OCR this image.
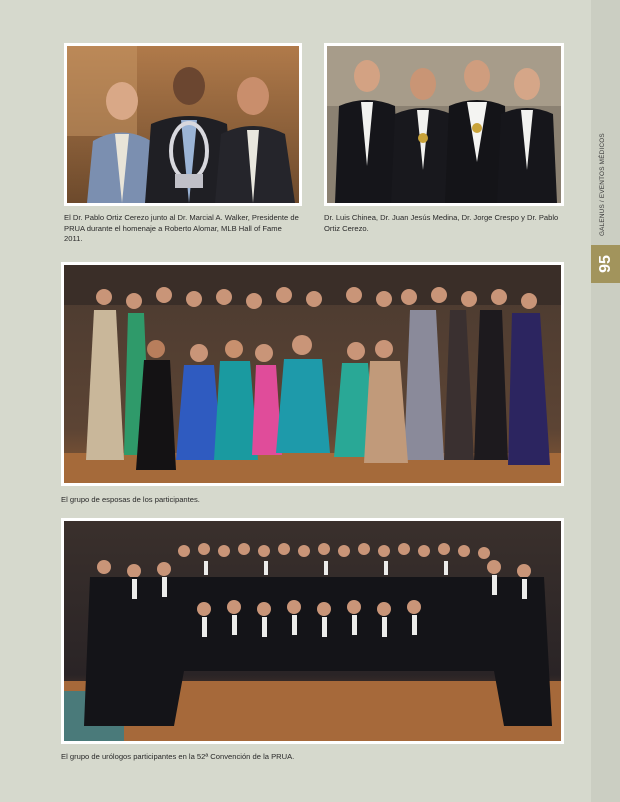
GALENUS / EVENTOS MÉDICOS
95

El Dr. Pablo Ortiz Cerezo junto al Dr. Marcial A. Walker, Presidente de PRUA durante el homenaje a Roberto Alomar, MLB Hall of Fame 2011.

Dr. Luis Chinea, Dr. Juan Jesús Medina, Dr. Jorge Crespo y Dr. Pablo Ortiz Cerezo.

El grupo de esposas de los participantes.

El grupo de urólogos participantes en la 52ª Convención de la PRUA.
